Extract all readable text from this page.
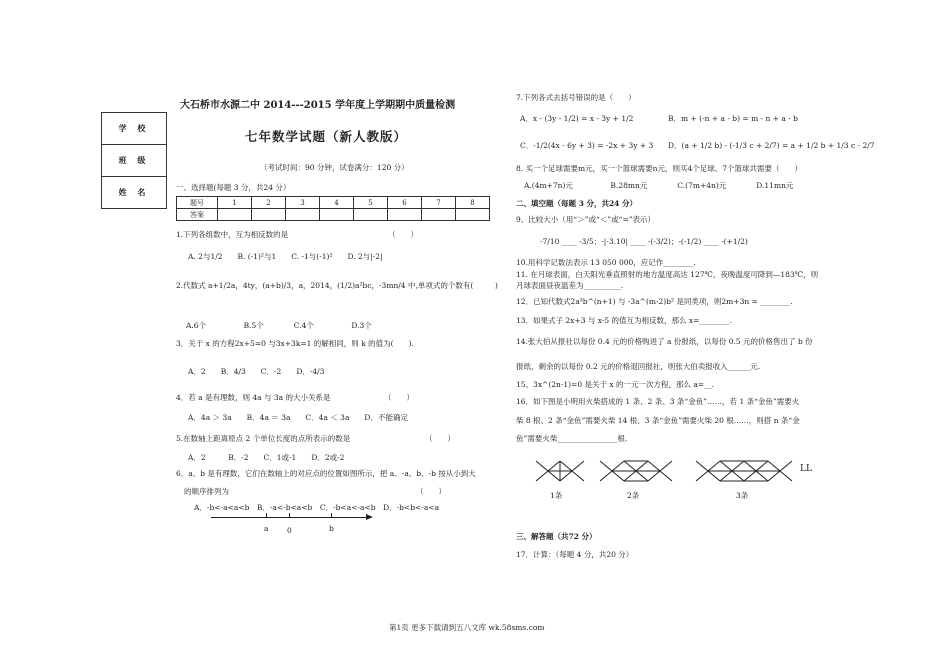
学 校
班 级
姓 名
大石桥市水源二中 2014---2015 学年度上学期期中质量检测
七年数学试题（新人教版）
（考试时间：90 分钟，试卷满分：120 分）
一、选择题(每题 3 分，共24 分）
题号	1	2	3	4	5	6	7	8
答案								
1.下列各组数中，互为相反数的是	（　　）
A. 2与1/2　　B. (-1)²与1　　C. -1与(-1)²　　D. 2与|-2|
2.代数式 a+1/2a，4ty，(a+b)/3，a，2014，(1/2)a²bc，-3mn/4 中,单项式的个数有(	)
A.6个　　　　　B.5个　　　　C.4个　　　　　D.3个
3．关于 x 的方程2x+5=0 与3x+3k=1 的解相同，则 k 的值为(　　).
A．2　　B．4/3　　C．-2　　D．-4/3
4．若 a 是有理数，则 4a 与 3a 的大小关系是	（　　）
A．4a ＞ 3a　　B．4a ＝ 3a　　C．4a ＜ 3a　　D．不能确定
5.在数轴上距离原点 2 个单位长度的点所表示的数是	（　　）
A．2　　　B．-2　　C．1或-1　　D．2或-2
6．a、b 是有理数，它们在数轴上的对应点的位置如图所示，把 a、-a、b、-b 按从小到大
的顺序排列为	（　　）
A．-b<-a<a<b　B．-a<-b<a<b　C．-b<a<-a<b　D．-b<b<-a<a
a 0	b
7.下列各式去括号错误的是（　　）
A．x - (3y - 1/2) = x - 3y + 1/2	B．m + (-n + a - b) = m - n + a - b
C．-1/2(4x - 6y + 3) = -2x + 3y + 3 D．(a + 1/2 b) - (-1/3 c + 2/7) = a + 1/2 b + 1/3 c - 2/7
8. 买一个足球需要m元，买一个篮球需要n元，则买4个足球、7个篮球共需要（　　）
A.(4m+7n)元　　　　　B.28mn元　　　　C.(7m+4n)元　　　　D.11mn元
二、填空题（每题 3 分，共24 分）
9、比较大小（用“＞”或“＜”或“=”表示）
-7/10 ____ -3/5；-|-3.10| ____ -(-3/2)；-(-1/2) ____ -(+1/2)
10.用科学记数法表示 13 050 000，应记作________.
11. 在月球表面，白天阳光垂直照射的地方温度高达 127℃，夜晚温度可降到—183℃，则
月球表面昼夜温差为__________.
12．已知代数式2a³b^(n+1) 与 -3a^(m-2)b² 是同类项，则2m+3n = ________.
13．如果式子 2x+3 与 x-5 的值互为相反数，那么 x=________.
14.张大伯从报社以每份 0.4 元的价格购进了 a 份报纸，以每份 0.5 元的价格售出了 b 份
报纸，剩余的以每份 0.2 元的价格退回报社，则张大伯卖报收入______元.
15、3x^(2n-1)=0 是关于 x 的一元一次方程，那么 a=__.
16．如下图是小明用火柴搭成的 1 条、2 条、3 条“金鱼”……，若 1 条“金鱼”需要火
柴 8 根、2 条“金鱼”需要火柴 14 根、3 条“金鱼”需要火柴 20 根……，则搭 n 条“金
鱼”需要火柴________________根.
LL
1条	2条	3条
三、解答题（共72 分）
17．计算：（每题 4 分，共20 分）
第1页 更多下载请到五八文库 wk.58sms.com
